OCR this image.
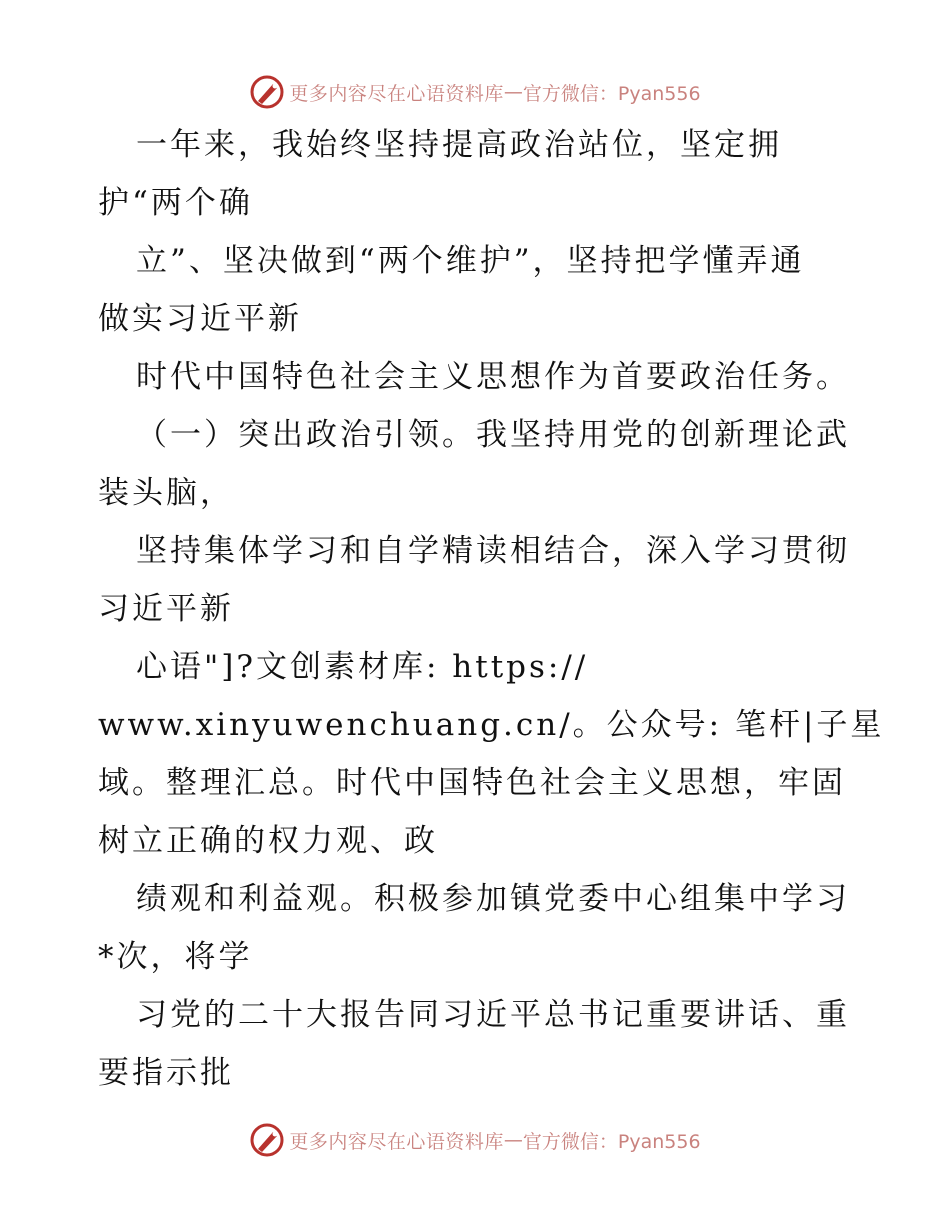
更多内容尽在心语资料库 — 官方微信：Pyan556
一年来，我始终坚持提高政治站位，坚定拥
护“两个确
立”、坚决做到“两个维护”，坚持把学懂弄通
做实习近平新
时代中国特色社会主义思想作为首要政治任务。
（一）突出政治引领。我坚持用党的创新理论武
装头脑，
坚持集体学习和自学精读相结合，深入学习贯彻
习近平新
心语"]?文创素材库: https://
www.xinyuwenchuang.cn/。公众号: 笔杆|子星
域。整理汇总。时代中国特色社会主义思想，牢固
树立正确的权力观、政
绩观和利益观。积极参加镇党委中心组集中学习
*次，将学
习党的二十大报告同习近平总书记重要讲话、重
要指示批
更多内容尽在心语资料库 — 官方微信：Pyan556
